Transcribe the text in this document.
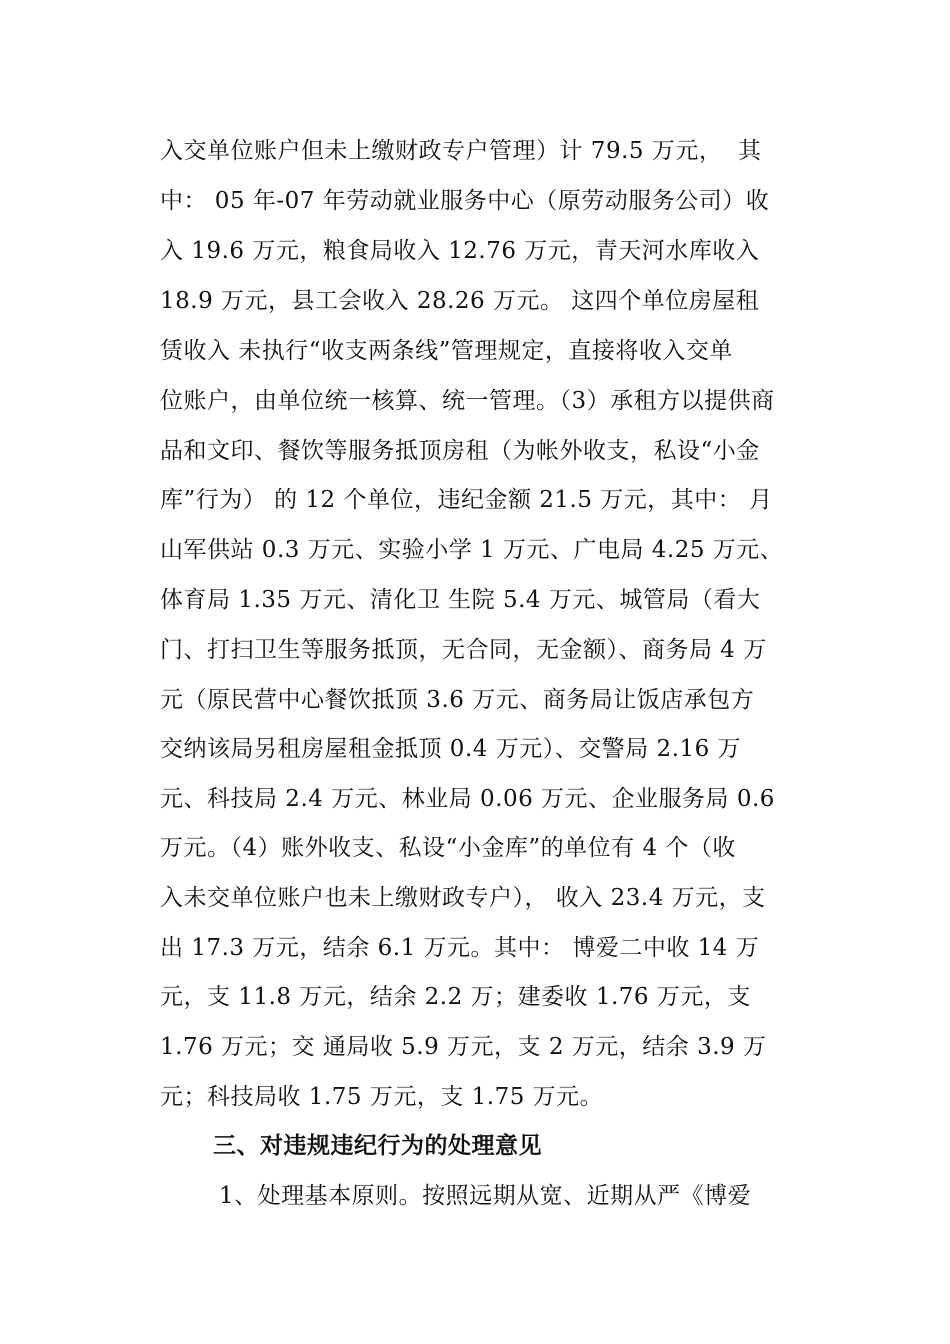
入交单位账户但未上缴财政专户管理）计 79.5 万元，  其
中： 05 年-07 年劳动就业服务中心（原劳动服务公司）收
入 19.6 万元，粮食局收入 12.76 万元，青天河水库收入
18.9 万元，县工会收入 28.26 万元。 这四个单位房屋租
赁收入 未执行“收支两条线”管理规定，直接将收入交单
位账户，由单位统一核算、统一管理。（3）承租方以提供商
品和文印、餐饮等服务抵顶房租（为帐外收支，私设“小金
库”行为） 的 12 个单位，违纪金额 21.5 万元，其中： 月
山军供站 0.3 万元、实验小学 1 万元、广电局 4.25 万元、
体育局 1.35 万元、清化卫 生院 5.4 万元、城管局（看大
门、打扫卫生等服务抵顶，无合同，无金额）、商务局 4 万
元（原民营中心餐饮抵顶 3.6 万元、商务局让饭店承包方
交纳该局另租房屋租金抵顶 0.4 万元）、交警局 2.16 万
元、科技局 2.4 万元、林业局 0.06 万元、企业服务局 0.6
万元。（4）账外收支、私设“小金库”的单位有 4 个（收
入未交单位账户也未上缴财政专户）， 收入 23.4 万元，支
出 17.3 万元，结余 6.1 万元。其中： 博爱二中收 14 万
元，支 11.8 万元，结余 2.2 万；建委收 1.76 万元，支
1.76 万元；交 通局收 5.9 万元，支 2 万元，结余 3.9 万
元；科技局收 1.75 万元，支 1.75 万元。
三、对违规违纪行为的处理意见
1、处理基本原则。按照远期从宽、近期从严《博爱
